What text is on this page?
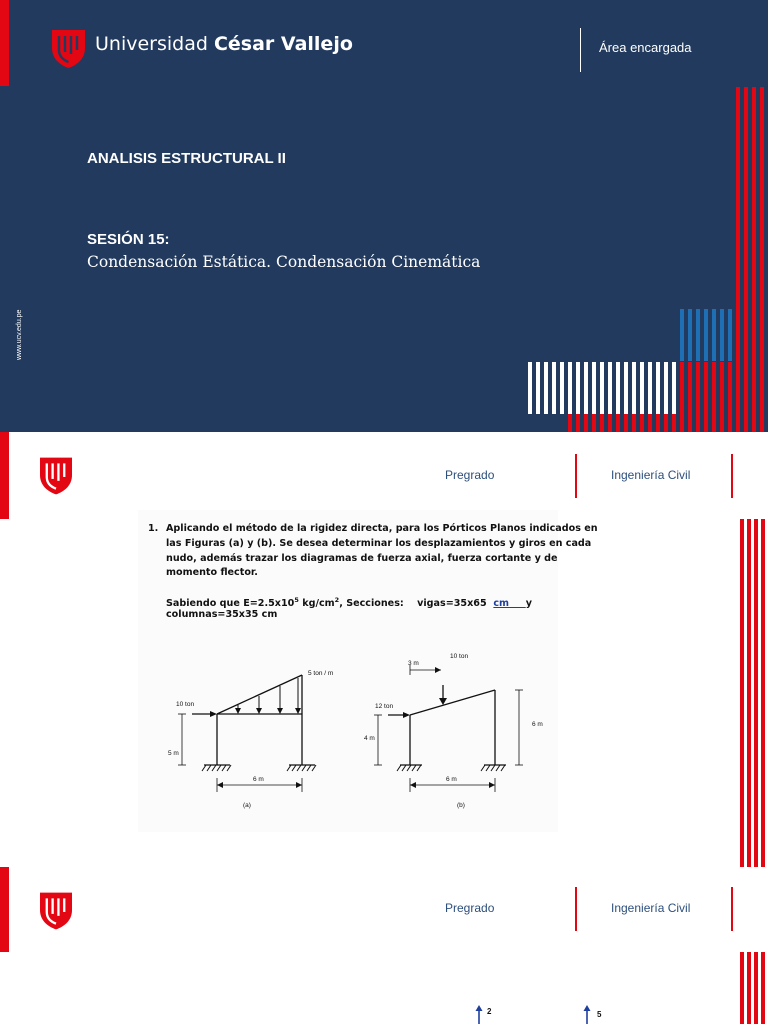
Universidad César Vallejo	Área encargada
ANALISIS ESTRUCTURAL II
SESIÓN 15:
Condensación Estática. Condensación Cinemática
www.ucv.edu.pe
Pregrado	Ingeniería Civil
1. Aplicando el método de la rigidez directa, para los Pórticos Planos indicados en
las Figuras (a) y (b). Se desea determinar los desplazamientos y giros en cada
nudo, además trazar los diagramas de fuerza axial, fuerza cortante y de
momento flector.
Sabiendo que $E=2.5x10^5$ $kg/cm^2$, Secciones: vigas=35x65 cm y
columnas=35x35 cm
10 ton
5 ton / m
5 m
6 m
(a)
3 m
10 ton
12 ton
4 m
6 m
6 m
(b)
Pregrado	Ingeniería Civil
2	5
